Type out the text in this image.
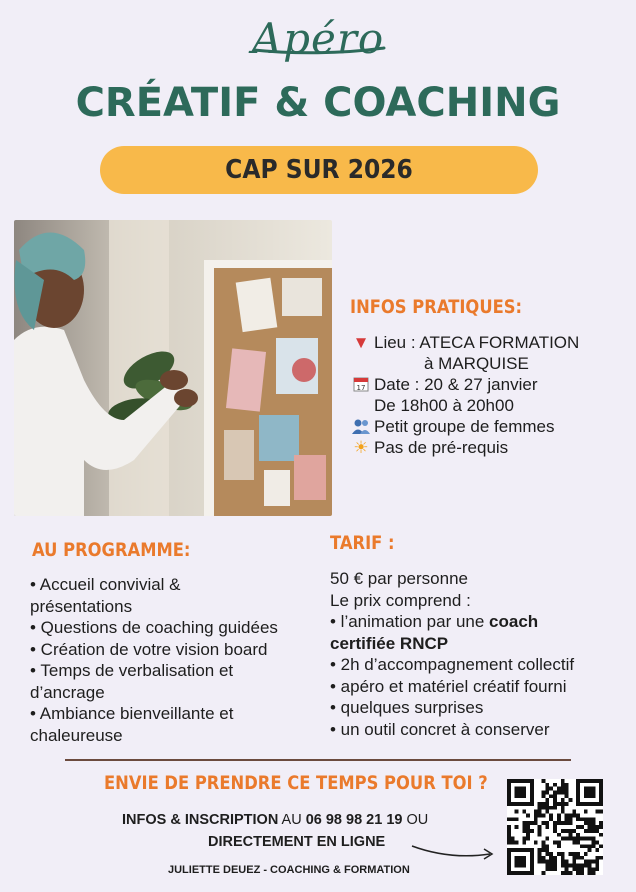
Apéro
CRÉATIF & COACHING
CAP SUR 2026
INFOS PRATIQUES:
▼ Lieu : ATECA FORMATION
à MARQUISE
17 Date : 20 & 27 janvier
De 18h00 à 20h00
Petit groupe de femmes
☀ Pas de pré-requis
AU PROGRAMME:
• Accueil convivial &
présentations
• Questions de coaching guidées
• Création de votre vision board
• Temps de verbalisation et
d’ancrage
• Ambiance bienveillante et
chaleureuse
TARIF :
50 € par personne
Le prix comprend :
• l’animation par une coach
certifiée RNCP
• 2h d’accompagnement collectif
• apéro et matériel créatif fourni
• quelques surprises
• un outil concret à conserver
ENVIE DE PRENDRE CE TEMPS POUR TOI ?
INFOS & INSCRIPTION AU 06 98 98 21 19 OU
DIRECTEMENT EN LIGNE
JULIETTE DEUEZ - COACHING & FORMATION
